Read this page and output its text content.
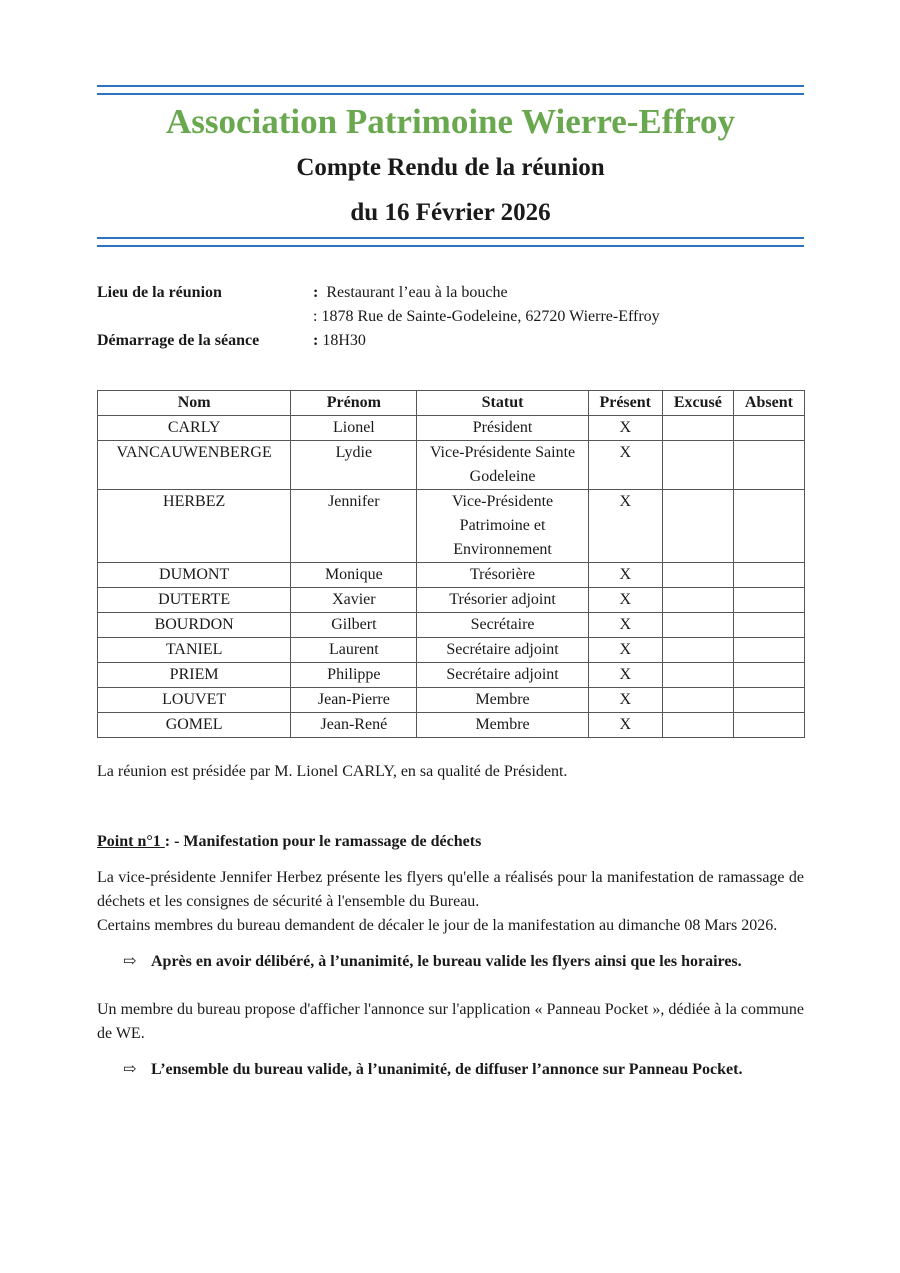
Association Patrimoine Wierre-Effroy
Compte Rendu de la réunion
du 16 Février 2026
Lieu de la réunion	: Restaurant l’eau à la bouche
: 1878 Rue de Sainte-Godeleine, 62720 Wierre-Effroy
Démarrage de la séance	: 18H30
Nom	Prénom	Statut	Présent	Excusé	Absent
CARLY	Lionel	Président	X		
VANCAUWENBERGE	Lydie	Vice-Présidente Sainte Godeleine	X		
HERBEZ	Jennifer	Vice-Présidente Patrimoine et Environnement	X		
DUMONT	Monique	Trésorière	X		
DUTERTE	Xavier	Trésorier adjoint	X		
BOURDON	Gilbert	Secrétaire	X		
TANIEL	Laurent	Secrétaire adjoint	X		
PRIEM	Philippe	Secrétaire adjoint	X		
LOUVET	Jean-Pierre	Membre	X		
GOMEL	Jean-René	Membre	X		
La réunion est présidée par M. Lionel CARLY, en sa qualité de Président.
Point n°1 : - Manifestation pour le ramassage de déchets
La vice-présidente Jennifer Herbez présente les flyers qu'elle a réalisés pour la manifestation de ramassage de déchets et les consignes de sécurité à l'ensemble du Bureau.
Certains membres du bureau demandent de décaler le jour de la manifestation au dimanche 08 Mars 2026.
⇨ Après en avoir délibéré, à l’unanimité, le bureau valide les flyers ainsi que les horaires.
Un membre du bureau propose d'afficher l'annonce sur l'application « Panneau Pocket », dédiée à la commune de WE.
⇨ L’ensemble du bureau valide, à l’unanimité, de diffuser l’annonce sur Panneau Pocket.
